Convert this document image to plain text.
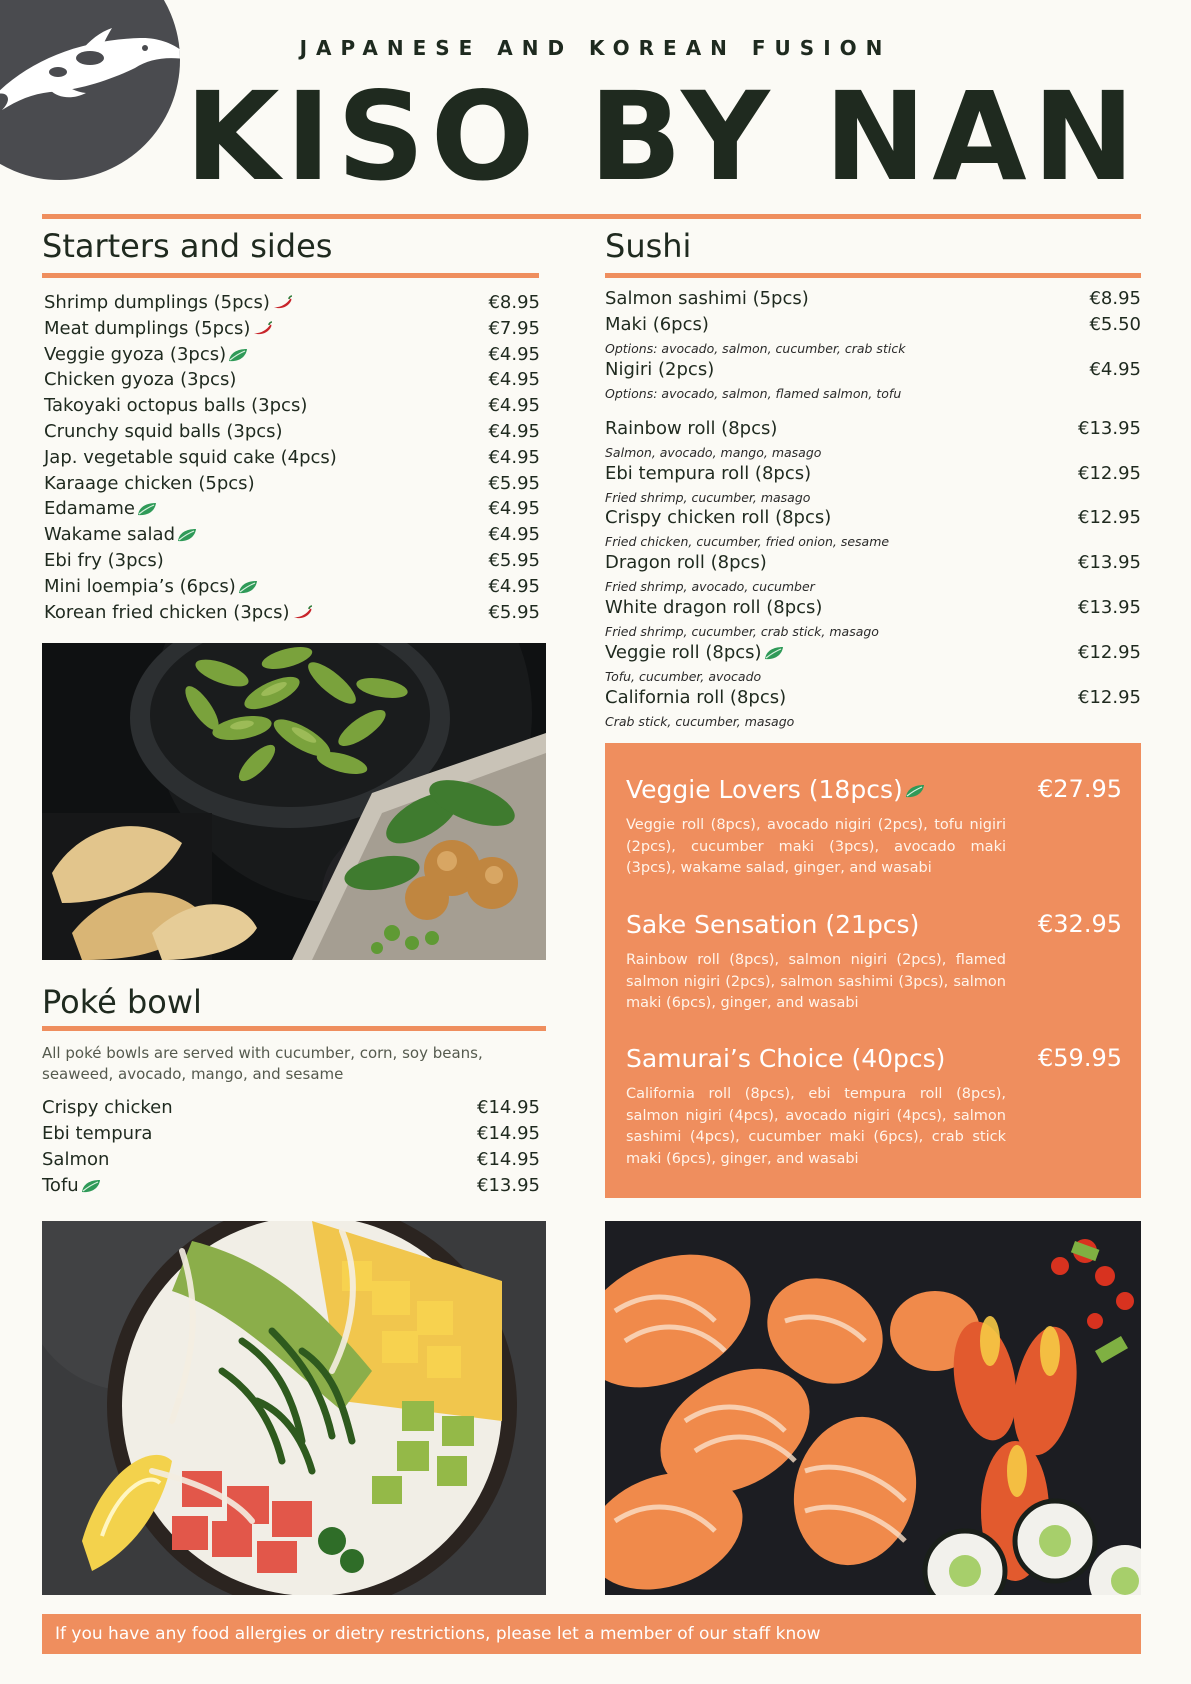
JAPANESE AND KOREAN FUSION
KISO BY NAN
Starters and sides
Shrimp dumplings (5pcs)	€8.95
Meat dumplings (5pcs)	€7.95
Veggie gyoza (3pcs)	€4.95
Chicken gyoza (3pcs)	€4.95
Takoyaki octopus balls (3pcs)	€4.95
Crunchy squid balls (3pcs)	€4.95
Jap. vegetable squid cake (4pcs)	€4.95
Karaage chicken (5pcs)	€5.95
Edamame	€4.95
Wakame salad	€4.95
Ebi fry (3pcs)	€5.95
Mini loempia’s (6pcs)	€4.95
Korean fried chicken (3pcs)	€5.95
Poké bowl
All poké bowls are served with cucumber, corn, soy beans, seaweed, avocado, mango, and sesame
Crispy chicken	€14.95
Ebi tempura	€14.95
Salmon	€14.95
Tofu	€13.95
Sushi
Salmon sashimi (5pcs)	€8.95
Maki (6pcs)	€5.50
Options: avocado, salmon, cucumber, crab stick
Nigiri (2pcs)	€4.95
Options: avocado, salmon, flamed salmon, tofu
Rainbow roll (8pcs)	€13.95
Salmon, avocado, mango, masago
Ebi tempura roll (8pcs)	€12.95
Fried shrimp, cucumber, masago
Crispy chicken roll (8pcs)	€12.95
Fried chicken, cucumber, fried onion, sesame
Dragon roll (8pcs)	€13.95
Fried shrimp, avocado, cucumber
White dragon roll (8pcs)	€13.95
Fried shrimp, cucumber, crab stick, masago
Veggie roll (8pcs)	€12.95
Tofu, cucumber, avocado
California roll (8pcs)	€12.95
Crab stick, cucumber, masago
Veggie Lovers (18pcs)	€27.95
Veggie roll (8pcs), avocado nigiri (2pcs), tofu nigiri (2pcs), cucumber maki (3pcs), avocado maki (3pcs), wakame salad, ginger, and wasabi
Sake Sensation (21pcs)	€32.95
Rainbow roll (8pcs), salmon nigiri (2pcs), flamed salmon nigiri (2pcs), salmon sashimi (3pcs), salmon maki (6pcs), ginger, and wasabi
Samurai’s Choice (40pcs)	€59.95
California roll (8pcs), ebi tempura roll (8pcs), salmon nigiri (4pcs), avocado nigiri (4pcs), salmon sashimi (4pcs), cucumber maki (6pcs), crab stick maki (6pcs), ginger, and wasabi
If you have any food allergies or dietry restrictions, please let a member of our staff know
